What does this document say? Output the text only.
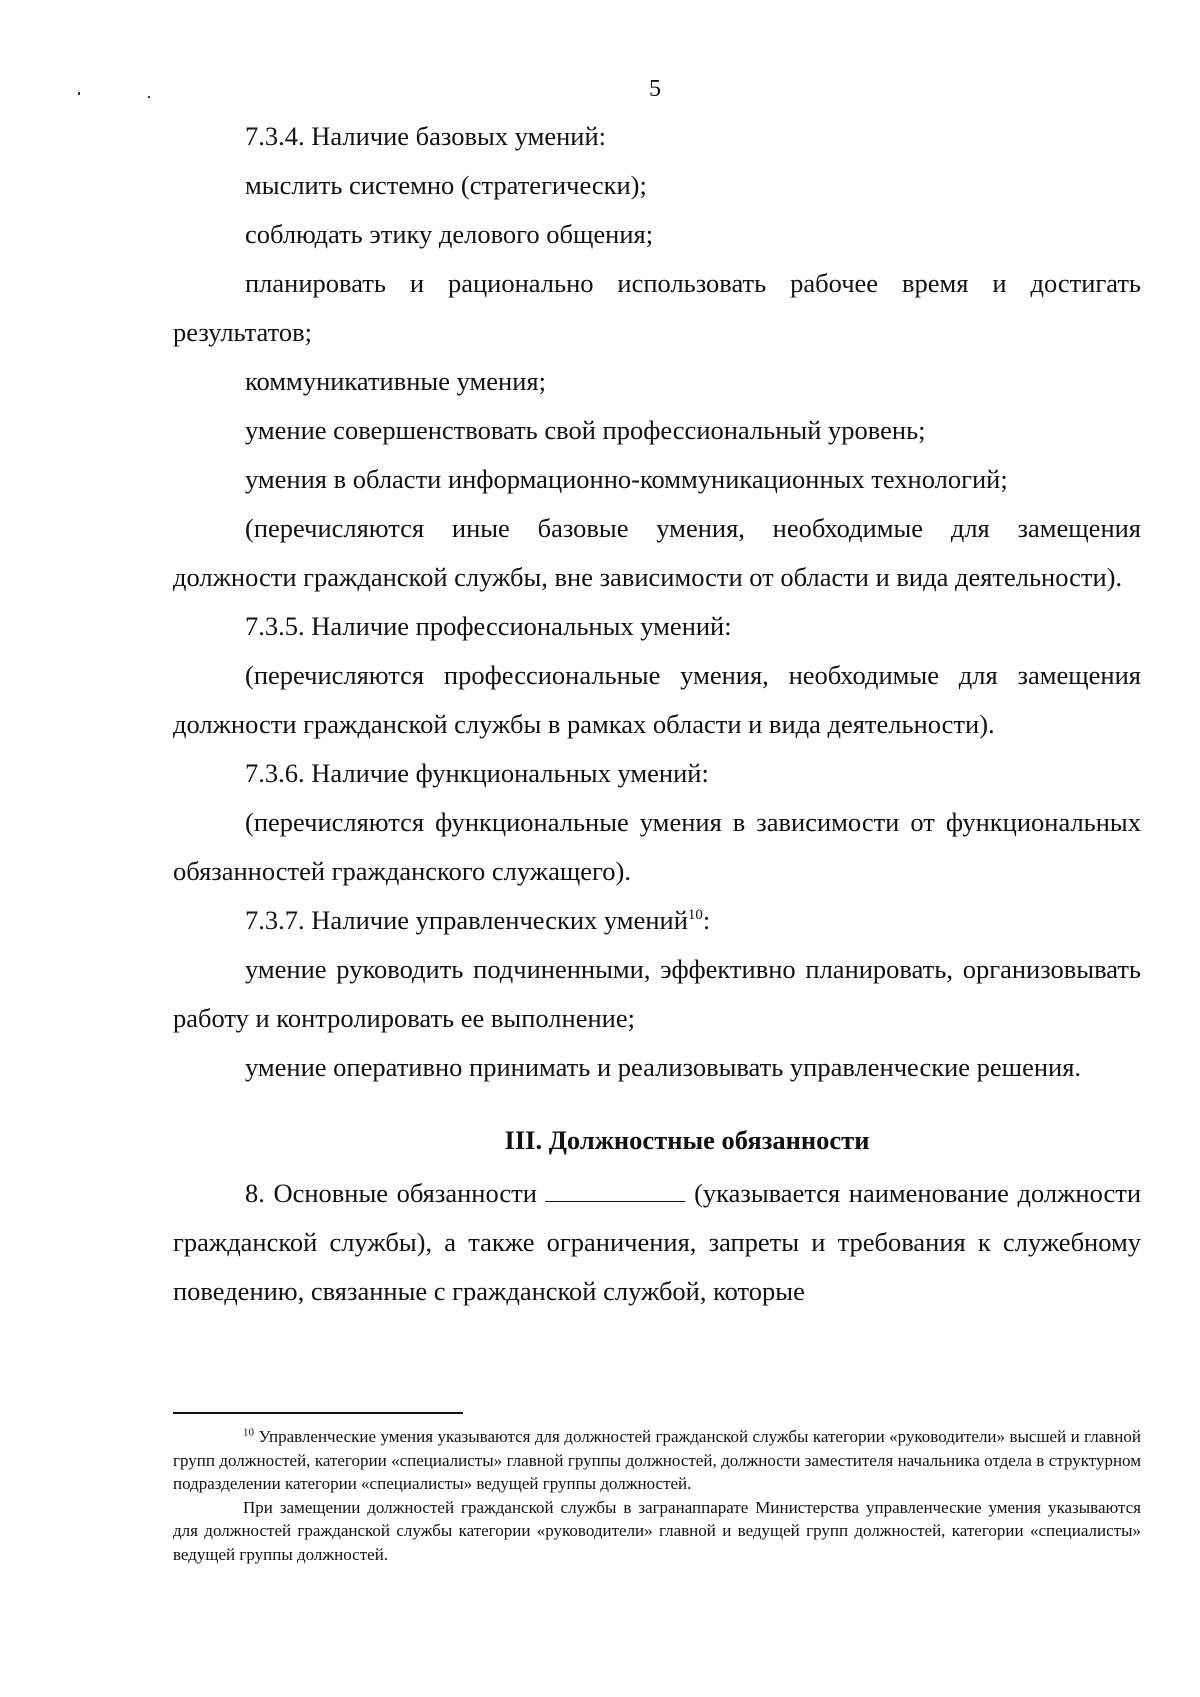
5

7.3.4. Наличие базовых умений:

мыслить системно (стратегически);

соблюдать этику делового общения;

планировать и рационально использовать рабочее время и достигать результатов;

коммуникативные умения;

умение совершенствовать свой профессиональный уровень;

умения в области информационно-коммуникационных технологий;

(перечисляются иные базовые умения, необходимые для замещения должности гражданской службы, вне зависимости от области и вида деятельности).

7.3.5. Наличие профессиональных умений:

(перечисляются профессиональные умения, необходимые для замещения должности гражданской службы в рамках области и вида деятельности).

7.3.6. Наличие функциональных умений:

(перечисляются функциональные умения в зависимости от функциональных обязанностей гражданского служащего).

7.3.7. Наличие управленческих умений$^{10}$:

умение руководить подчиненными, эффективно планировать, организовывать работу и контролировать ее выполнение;

умение оперативно принимать и реализовывать управленческие решения.

III. Должностные обязанности

8. Основные обязанности	(указывается наименование должности гражданской службы), а также ограничения, запреты и требования к служебному поведению, связанные с гражданской службой, которые

$^{10}$ Управленческие умения указываются для должностей гражданской службы категории «руководители» высшей и главной групп должностей, категории «специалисты» главной группы должностей, должности заместителя начальника отдела в структурном подразделении категории «специалисты» ведущей группы должностей.

При замещении должностей гражданской службы в загранаппарате Министерства управленческие умения указываются для должностей гражданской службы категории «руководители» главной и ведущей групп должностей, категории «специалисты» ведущей группы должностей.
